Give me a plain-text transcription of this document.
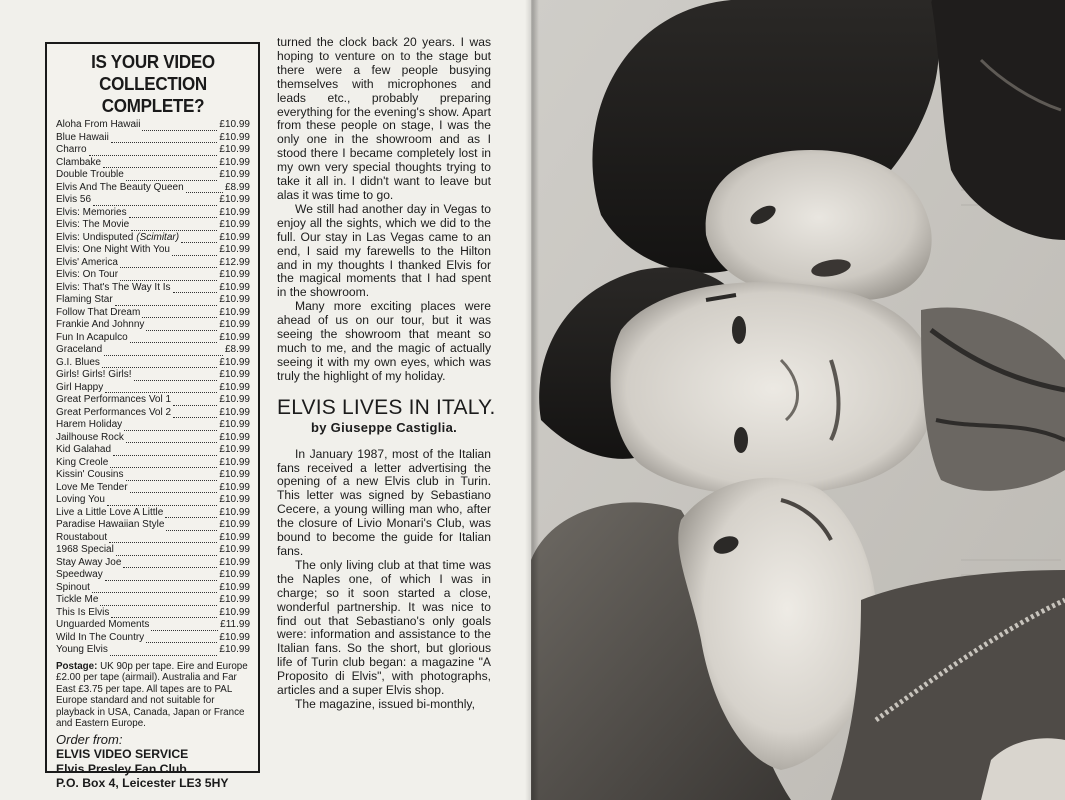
IS YOUR VIDEO
COLLECTION COMPLETE?
Aloha From Hawaii	£10.99
Blue Hawaii	£10.99
Charro	£10.99
Clambake	£10.99
Double Trouble	£10.99
Elvis And The Beauty Queen	£8.99
Elvis 56	£10.99
Elvis: Memories	£10.99
Elvis: The Movie	£10.99
Elvis: Undisputed (Scimitar)	£10.99
Elvis: One Night With You	£10.99
Elvis' America	£12.99
Elvis: On Tour	£10.99
Elvis: That's The Way It Is	£10.99
Flaming Star	£10.99
Follow That Dream	£10.99
Frankie And Johnny	£10.99
Fun In Acapulco	£10.99
Graceland	£8.99
G.I. Blues	£10.99
Girls! Girls! Girls!	£10.99
Girl Happy	£10.99
Great Performances Vol 1	£10.99
Great Performances Vol 2	£10.99
Harem Holiday	£10.99
Jailhouse Rock	£10.99
Kid Galahad	£10.99
King Creole	£10.99
Kissin' Cousins	£10.99
Love Me Tender	£10.99
Loving You	£10.99
Live a Little Love A Little	£10.99
Paradise Hawaiian Style	£10.99
Roustabout	£10.99
1968 Special	£10.99
Stay Away Joe	£10.99
Speedway	£10.99
Spinout	£10.99
Tickle Me	£10.99
This Is Elvis	£10.99
Unguarded Moments	£11.99
Wild In The Country	£10.99
Young Elvis	£10.99
Postage: UK 90p per tape. Eire and Europe £2.00 per tape (airmail). Australia and Far East £3.75 per tape. All tapes are to PAL Europe standard and not suitable for playback in USA, Canada, Japan or France and Eastern Europe.
Order from:
ELVIS VIDEO SERVICE
Elvis Presley Fan Club
P.O. Box 4, Leicester LE3 5HY

turned the clock back 20 years. I was hoping to venture on to the stage but there were a few people busying themselves with microphones and leads etc., probably preparing everything for the evening's show. Apart from these people on stage, I was the only one in the showroom and as I stood there I became completely lost in my own very special thoughts trying to take it all in. I didn't want to leave but alas it was time to go.

We still had another day in Vegas to enjoy all the sights, which we did to the full. Our stay in Las Vegas came to an end, I said my farewells to the Hilton and in my thoughts I thanked Elvis for the magical moments that I had spent in the showroom.

Many more exciting places were ahead of us on our tour, but it was seeing the showroom that meant so much to me, and the magic of actually seeing it with my own eyes, which was truly the highlight of my holiday.

ELVIS LIVES IN ITALY.
by Giuseppe Castiglia.

In January 1987, most of the Italian fans received a letter advertising the opening of a new Elvis club in Turin. This letter was signed by Sebastiano Cecere, a young willing man who, after the closure of Livio Monari's Club, was bound to become the guide for Italian fans.

The only living club at that time was the Naples one, of which I was in charge; so it soon started a close, wonderful partnership. It was nice to find out that Sebastiano's only goals were: information and assistance to the Italian fans. So the short, but glorious life of Turin club began: a magazine "A Proposito di Elvis", with photographs, articles and a super Elvis shop.

The magazine, issued bi-monthly,
